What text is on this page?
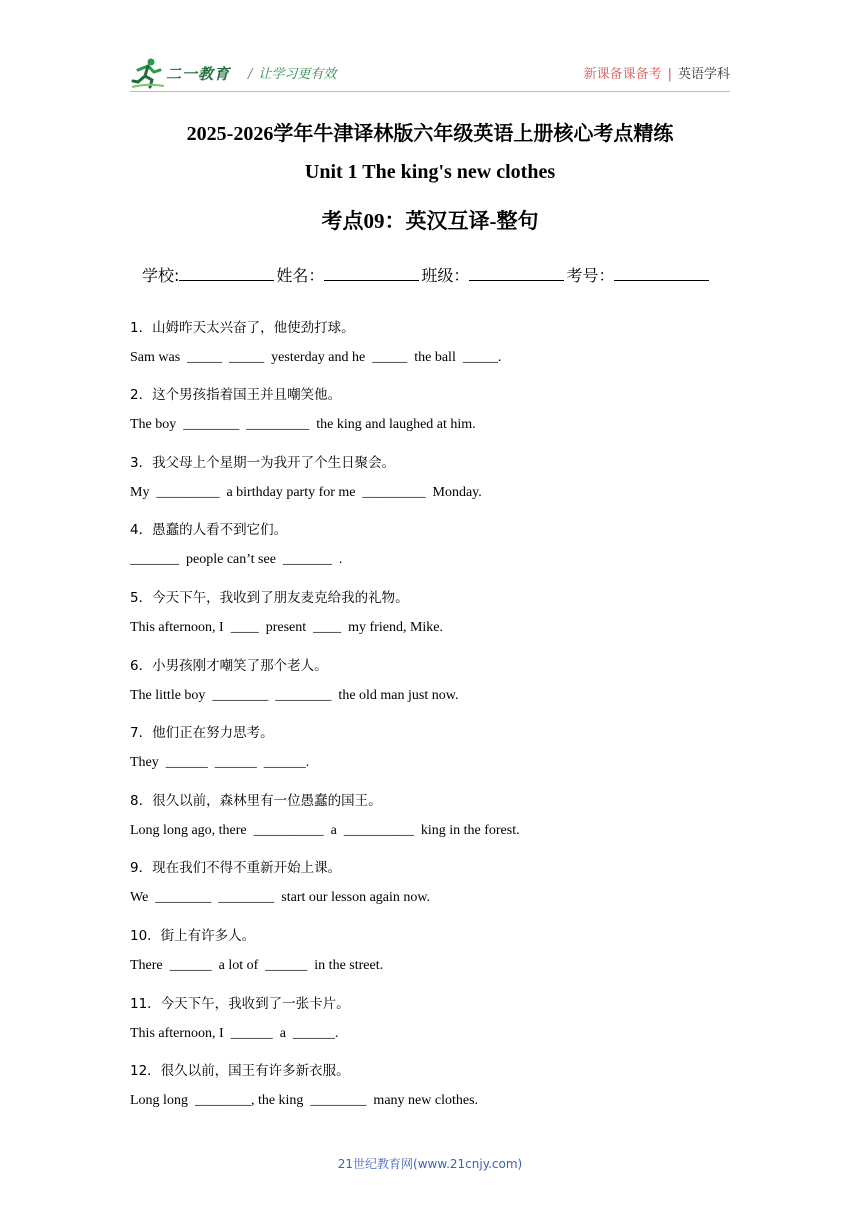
二一教育 / 让学习更有效	新课备课备考 | 英语学科
2025-2026学年牛津译林版六年级英语上册核心考点精练
Unit 1 The king's new clothes
考点09：英汉互译-整句
学校:	姓名：	班级：	考号：
1．山姆昨天太兴奋了，他使劲打球。
Sam was  _____  _____  yesterday and he  _____  the ball  _____.
2．这个男孩指着国王并且嘲笑他。
The boy  ________  _________  the king and laughed at him.
3．我父母上个星期一为我开了个生日聚会。
My  _________  a birthday party for me  _________  Monday.
4．愚蠢的人看不到它们。
_______  people can’t see  _______  .
5．今天下午，我收到了朋友麦克给我的礼物。
This afternoon, I  ____  present  ____  my friend, Mike.
6．小男孩刚才嘲笑了那个老人。
The little boy  ________  ________  the old man just now.
7．他们正在努力思考。
They  ______  ______  ______.
8．很久以前，森林里有一位愚蠢的国王。
Long long ago, there  __________  a  __________  king in the forest.
9．现在我们不得不重新开始上课。
We  ________  ________  start our lesson again now.
10．街上有许多人。
There  ______  a lot of  ______  in the street.
11．今天下午，我收到了一张卡片。
This afternoon, I  ______  a  ______.
12．很久以前，国王有许多新衣服。
Long long  ________, the king  ________  many new clothes.
21世纪教育网(www.21cnjy.com)
